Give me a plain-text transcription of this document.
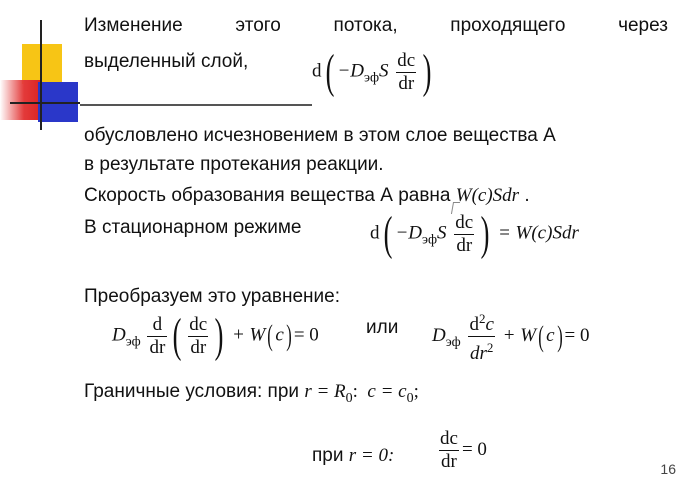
Изменение	этого	потока,	проходящего	через
выделенный слой,	$d( -D_{эф}S \frac{dc}{dr}$ )
обусловлено исчезновением в этом слое вещества А
в результате протекания реакции.
Скорость образования вещества А равна W(c)Sdr .
В стационарном режиме	$d( -D_{эф}S \frac{dc}{dr}$ ) = W(c)Sdr
Преобразуем это уравнение:
$D_{эф} \frac{d}{dr}$ ( $\frac{dc}{dr}$ ) + W( c) = 0 или $D_{эф} \frac{d^2c}{dr^2} + W$( c) = 0
Граничные условия: при $r = R_0$: $c = c_0$;
при r = 0: $\frac{dc}{dr} = 0$
16
